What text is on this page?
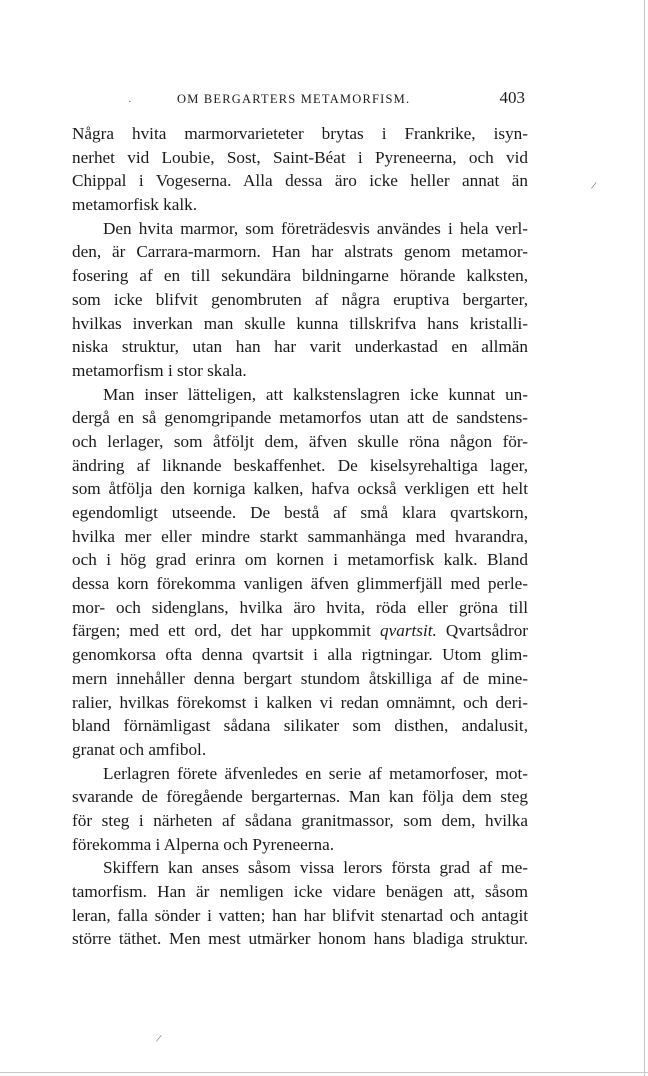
OM BERGARTERS METAMORFISM.	403
Några hvita marmorvarieteter brytas i Frankrike, isyn-
nerhet vid Loubie, Sost, Saint-Béat i Pyreneerna, och vid
Chippal i Vogeserna. Alla dessa äro icke heller annat än
metamorfisk kalk.
Den hvita marmor, som företrädesvis användes i hela verl-
den, är Carrara-marmorn. Han har alstrats genom metamor-
fosering af en till sekundära bildningarne hörande kalksten,
som icke blifvit genombruten af några eruptiva bergarter,
hvilkas inverkan man skulle kunna tillskrifva hans kristalli-
niska struktur, utan han har varit underkastad en allmän
metamorfism i stor skala.
Man inser lätteligen, att kalkstenslagren icke kunnat un-
dergå en så genomgripande metamorfos utan att de sandstens-
och lerlager, som åtföljt dem, äfven skulle röna någon för-
ändring af liknande beskaffenhet. De kiselsyrehaltiga lager,
som åtfölja den korniga kalken, hafva också verkligen ett helt
egendomligt utseende. De bestå af små klara qvartskorn,
hvilka mer eller mindre starkt sammanhänga med hvarandra,
och i hög grad erinra om kornen i metamorfisk kalk. Bland
dessa korn förekomma vanligen äfven glimmerfjäll med perle-
mor- och sidenglans, hvilka äro hvita, röda eller gröna till
färgen; med ett ord, det har uppkommit qvartsit. Qvartsådror
genomkorsa ofta denna qvartsit i alla rigtningar. Utom glim-
mern innehåller denna bergart stundom åtskilliga af de mine-
ralier, hvilkas förekomst i kalken vi redan omnämnt, och deri-
bland förnämligast sådana silikater som disthen, andalusit,
granat och amfibol.
Lerlagren förete äfvenledes en serie af metamorfoser, mot-
svarande de föregående bergarternas. Man kan följa dem steg
för steg i närheten af sådana granitmassor, som dem, hvilka
förekomma i Alperna och Pyreneerna.
Skiffern kan anses såsom vissa lerors första grad af me-
tamorfism. Han är nemligen icke vidare benägen att, såsom
leran, falla sönder i vatten; han har blifvit stenartad och antagit
större täthet. Men mest utmärker honom hans bladiga struktur.
·
/
/
